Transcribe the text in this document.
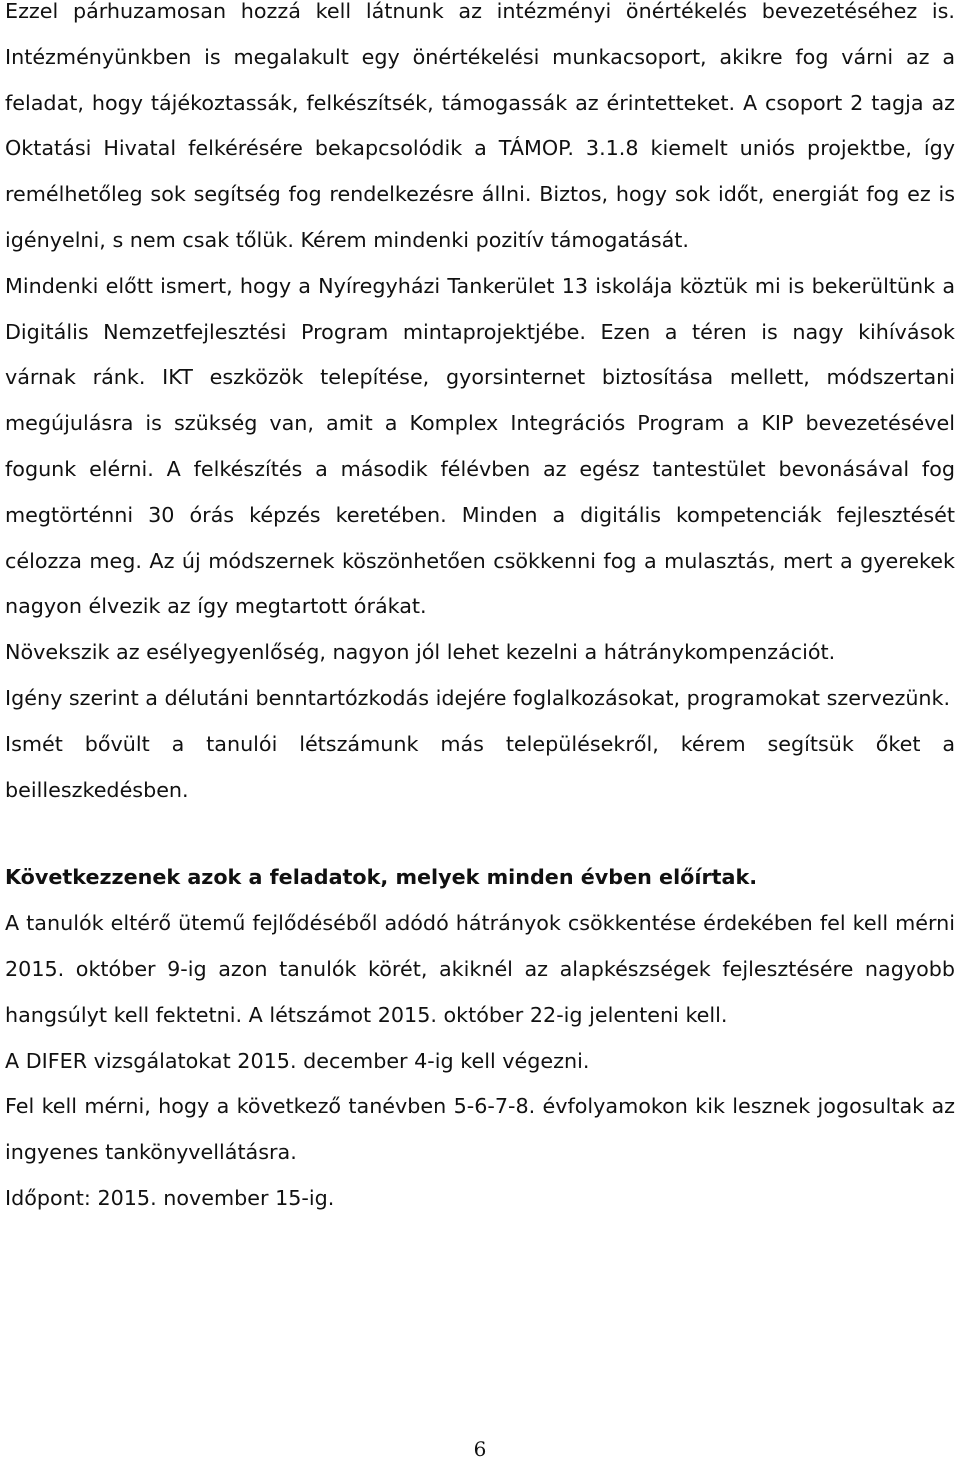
Ezzel párhuzamosan hozzá kell látnunk az intézményi önértékelés bevezetéséhez is. Intézményünkben is megalakult egy önértékelési munkacsoport, akikre fog várni az a feladat, hogy tájékoztassák, felkészítsék, támogassák az érintetteket. A csoport 2 tagja az Oktatási Hivatal felkérésére bekapcsolódik a TÁMOP. 3.1.8 kiemelt uniós projektbe, így remélhetőleg sok segítség fog rendelkezésre állni. Biztos, hogy sok időt, energiát fog ez is igényelni, s nem csak tőlük. Kérem mindenki pozitív támogatását.

Mindenki előtt ismert, hogy a Nyíregyházi Tankerület 13 iskolája köztük mi is bekerültünk a Digitális Nemzetfejlesztési Program mintaprojektjébe. Ezen a téren is nagy kihívások várnak ránk. IKT eszközök telepítése, gyorsinternet biztosítása mellett, módszertani megújulásra is szükség van, amit a Komplex Integrációs Program a KIP bevezetésével fogunk elérni. A felkészítés a második félévben az egész tantestület bevonásával fog megtörténni 30 órás képzés keretében. Minden a digitális kompetenciák fejlesztését célozza meg. Az új módszernek köszönhetően csökkenni fog a mulasztás, mert a gyerekek nagyon élvezik az így megtartott órákat.

Növekszik az esélyegyenlőség, nagyon jól lehet kezelni a hátránykompenzációt.

Igény szerint a délutáni benntartózkodás idejére foglalkozásokat, programokat szervezünk.

Ismét bővült a tanulói létszámunk más településekről, kérem segítsük őket a beilleszkedésben.

Következzenek azok a feladatok, melyek minden évben előírtak.

A tanulók eltérő ütemű fejlődéséből adódó hátrányok csökkentése érdekében fel kell mérni 2015. október 9-ig azon tanulók körét, akiknél az alapkészségek fejlesztésére nagyobb hangsúlyt kell fektetni. A létszámot 2015. október 22-ig jelenteni kell.

A DIFER vizsgálatokat 2015. december 4-ig kell végezni.

Fel kell mérni, hogy a következő tanévben 5-6-7-8. évfolyamokon kik lesznek jogosultak az ingyenes tankönyvellátásra.

Időpont: 2015. november 15-ig.

6
